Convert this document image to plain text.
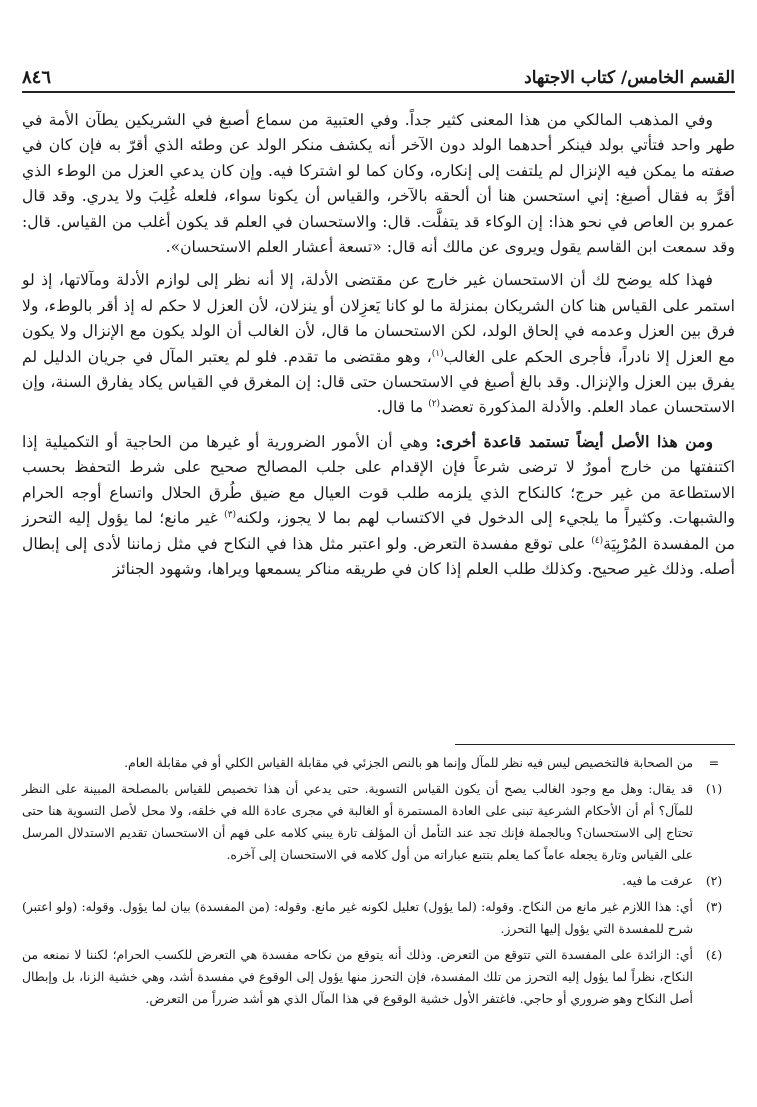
القسم الخامس/ كتاب الاجتهاد
٨٤٦

وفي المذهب المالكي من هذا المعنى كثير جداً. وفي العتبية من سماع أصبغ في الشريكين يطآن الأمة في طهر واحد فتأتي بولد فينكر أحدهما الولد دون الآخر أنه يكشف منكر الولد عن وطئه الذي أقرّ به فإن كان في صفته ما يمكن فيه الإنزال لم يلتفت إلى إنكاره، وكان كما لو اشتركا فيه. وإن كان يدعي العزل من الوطء الذي أقرَّ به فقال أصبغ: إني استحسن هنا أن ألحقه بالآخر، والقياس أن يكونا سواء، فلعله غُلِبَ ولا يدري. وقد قال عمرو بن العاص في نحو هذا: إن الوكاء قد يتفلَّت. قال: والاستحسان في العلم قد يكون أغلب من القياس. قال: وقد سمعت ابن القاسم يقول ويروى عن مالك أنه قال: «تسعة أعشار العلم الاستحسان».

فهذا كله يوضح لك أن الاستحسان غير خارج عن مقتضى الأدلة، إلا أنه نظر إلى لوازم الأدلة ومآلاتها، إذ لو استمر على القياس هنا كان الشريكان بمنزلة ما لو كانا يَعزِلان أو ينزلان، لأن العزل لا حكم له إذ أقر بالوطء، ولا فرق بين العزل وعدمه في إلحاق الولد، لكن الاستحسان ما قال، لأن الغالب أن الولد يكون مع الإنزال ولا يكون مع العزل إلا نادراً، فأجرى الحكم على الغالب$^{(١)}$، وهو مقتضى ما تقدم. فلو لم يعتبر المآل في جريان الدليل لم يفرق بين العزل والإنزال. وقد بالغ أصبغ في الاستحسان حتى قال: إن المغرق في القياس يكاد يفارق السنة، وإن الاستحسان عماد العلم. والأدلة المذكورة تعضد$^{(٢)}$ ما قال.

ومن هذا الأصل أيضاً تستمد قاعدة أخرى: وهي أن الأمور الضرورية أو غيرها من الحاجية أو التكميلية إذا اكتنفتها من خارج أمورٌ لا ترضى شرعاً فإن الإقدام على جلب المصالح صحيح على شرط التحفظ بحسب الاستطاعة من غير حرج؛ كالنكاح الذي يلزمه طلب قوت العيال مع ضيق طُرق الحلال واتساع أوجه الحرام والشبهات. وكثيراً ما يلجيء إلى الدخول في الاكتساب لهم بما لا يجوز، ولكنه$^{(٣)}$ غير مانع؛ لما يؤول إليه التحرز من المفسدة المُرْبِيَة$^{(٤)}$ على توقع مفسدة التعرض. ولو اعتبر مثل هذا في النكاح في مثل زماننا لأدى إلى إبطال أصله. وذلك غير صحيح. وكذلك طلب العلم إذا كان في طريقه مناكر يسمعها ويراها، وشهود الجنائز

=
من الصحابة فالتخصيص ليس فيه نظر للمآل وإنما هو بالنص الجزئي في مقابلة القياس الكلي أو في مقابلة العام.
(١)
قد يقال: وهل مع وجود الغالب يصح أن يكون القياس التسوية. حتى يدعي أن هذا تخصيص للقياس بالمصلحة المبينة على النظر للمآل؟ أم أن الأحكام الشرعية تبنى على العادة المستمرة أو الغالبة في مجرى عادة الله في خلقه، ولا محل لأصل التسوية هنا حتى تحتاج إلى الاستحسان؟ وبالجملة فإنك تجد عند التأمل أن المؤلف تارة يبني كلامه على فهم أن الاستحسان تقديم الاستدلال المرسل على القياس وتارة يجعله عاماً كما يعلم بتتبع عباراته من أول كلامه في الاستحسان إلى آخره.
(٢)
عرفت ما فيه.
(٣)
أي: هذا اللازم غير مانع من النكاح. وقوله: (لما يؤول) تعليل لكونه غير مانع. وقوله: (من المفسدة) بيان لما يؤول. وقوله: (ولو اعتبر) شرح للمفسدة التي يؤول إليها التحرز.
(٤)
أي: الزائدة على المفسدة التي تتوقع من التعرض. وذلك أنه يتوقع من نكاحه مفسدة هي التعرض للكسب الحرام؛ لكننا لا نمنعه من النكاح، نظراً لما يؤول إليه التحرز من تلك المفسدة، فإن التحرز منها يؤول إلى الوقوع في مفسدة أشد، وهي خشية الزنا، بل وإبطال أصل النكاح وهو ضروري أو حاجي. فاغتفر الأول خشية الوقوع في هذا المآل الذي هو أشد ضرراً من التعرض.
